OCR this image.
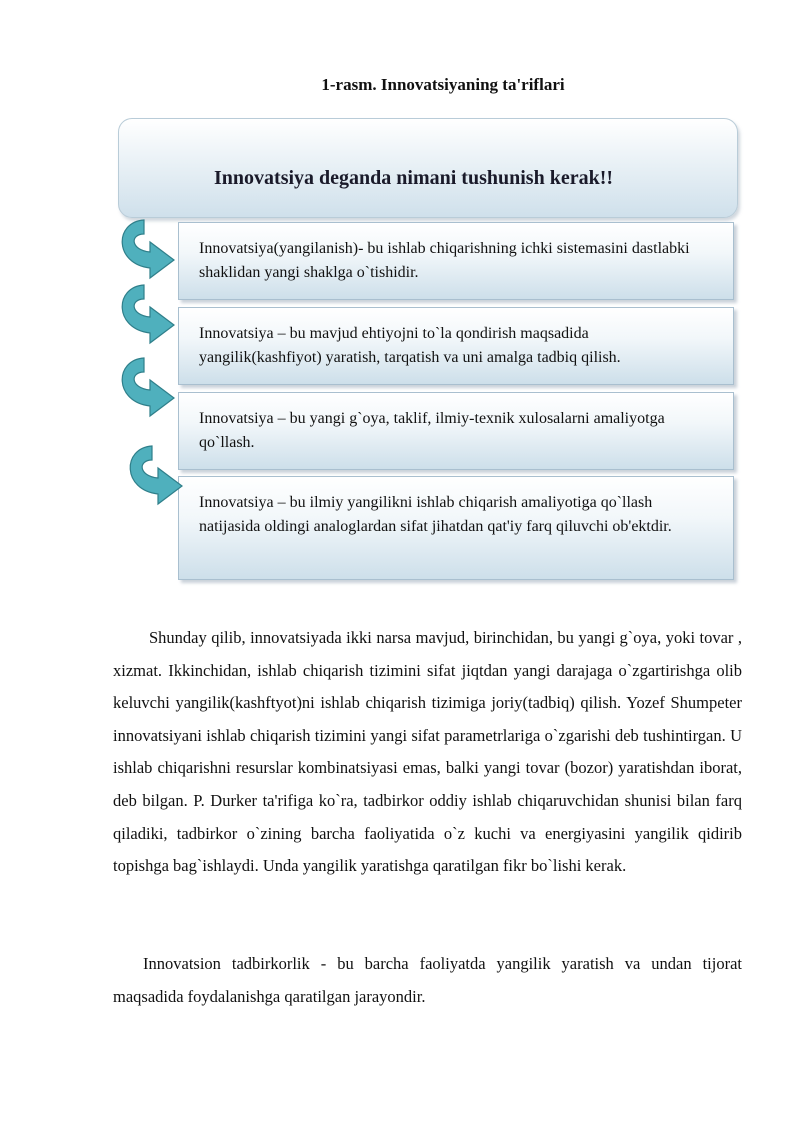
1-rasm. Innovatsiyaning ta'riflari
Innovatsiya deganda nimani tushunish kerak!!
Innovatsiya(yangilanish)- bu ishlab chiqarishning ichki sistemasini dastlabki shaklidan yangi shaklga o`tishidir.
Innovatsiya – bu mavjud ehtiyojni to`la qondirish maqsadida yangilik(kashfiyot) yaratish, tarqatish va uni amalga tadbiq qilish.
Innovatsiya – bu yangi g`oya, taklif, ilmiy-texnik xulosalarni amaliyotga qo`llash.
Innovatsiya – bu ilmiy yangilikni ishlab chiqarish amaliyotiga qo`llash natijasida oldingi analoglardan sifat jihatdan qat'iy farq qiluvchi ob'ektdir.
Shunday qilib, innovatsiyada ikki narsa mavjud, birinchidan, bu yangi g`oya, yoki tovar , xizmat. Ikkinchidan, ishlab chiqarish tizimini sifat jiqtdan yangi darajaga o`zgartirishga olib keluvchi yangilik(kashftyot)ni ishlab chiqarish tizimiga joriy(tadbiq) qilish. Yozef Shumpeter innovatsiyani ishlab chiqarish tizimini yangi sifat parametrlariga o`zgarishi deb tushintirgan. U ishlab chiqarishni resurslar kombinatsiyasi emas, balki yangi tovar (bozor) yaratishdan iborat, deb bilgan. P. Durker ta'rifiga ko`ra, tadbirkor oddiy ishlab chiqaruvchidan shunisi bilan farq qiladiki, tadbirkor o`zining barcha faoliyatida o`z kuchi va energiyasini yangilik qidirib topishga bag`ishlaydi. Unda yangilik yaratishga qaratilgan fikr bo`lishi kerak.
Innovatsion tadbirkorlik - bu barcha faoliyatda yangilik yaratish va undan tijorat maqsadida foydalanishga qaratilgan jarayondir.
